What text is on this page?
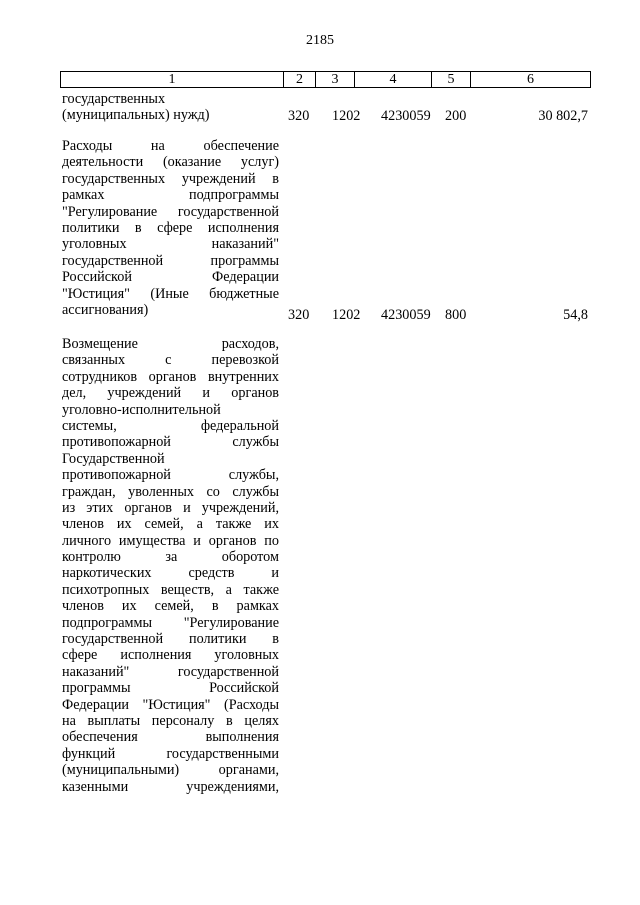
2185
1	2	3	4	5	6
государственных
(муниципальных) нужд)	320 1202 4230059 200	30 802,7
Расходы на обеспечение
деятельности (оказание услуг)
государственных учреждений в
рамках подпрограммы
"Регулирование государственной
политики в сфере исполнения
уголовных наказаний"
государственной программы
Российской Федерации
"Юстиция" (Иные бюджетные
ассигнования)	320 1202 4230059 800	54,8
Возмещение расходов,
связанных с перевозкой
сотрудников органов внутренних
дел, учреждений и органов
уголовно-исполнительной
системы, федеральной
противопожарной службы
Государственной
противопожарной службы,
граждан, уволенных со службы
из этих органов и учреждений,
членов их семей, а также их
личного имущества и органов по
контролю за оборотом
наркотических средств и
психотропных веществ, а также
членов их семей, в рамках
подпрограммы "Регулирование
государственной политики в
сфере исполнения уголовных
наказаний" государственной
программы Российской
Федерации "Юстиция" (Расходы
на выплаты персоналу в целях
обеспечения выполнения
функций государственными
(муниципальными) органами,
казенными учреждениями,
